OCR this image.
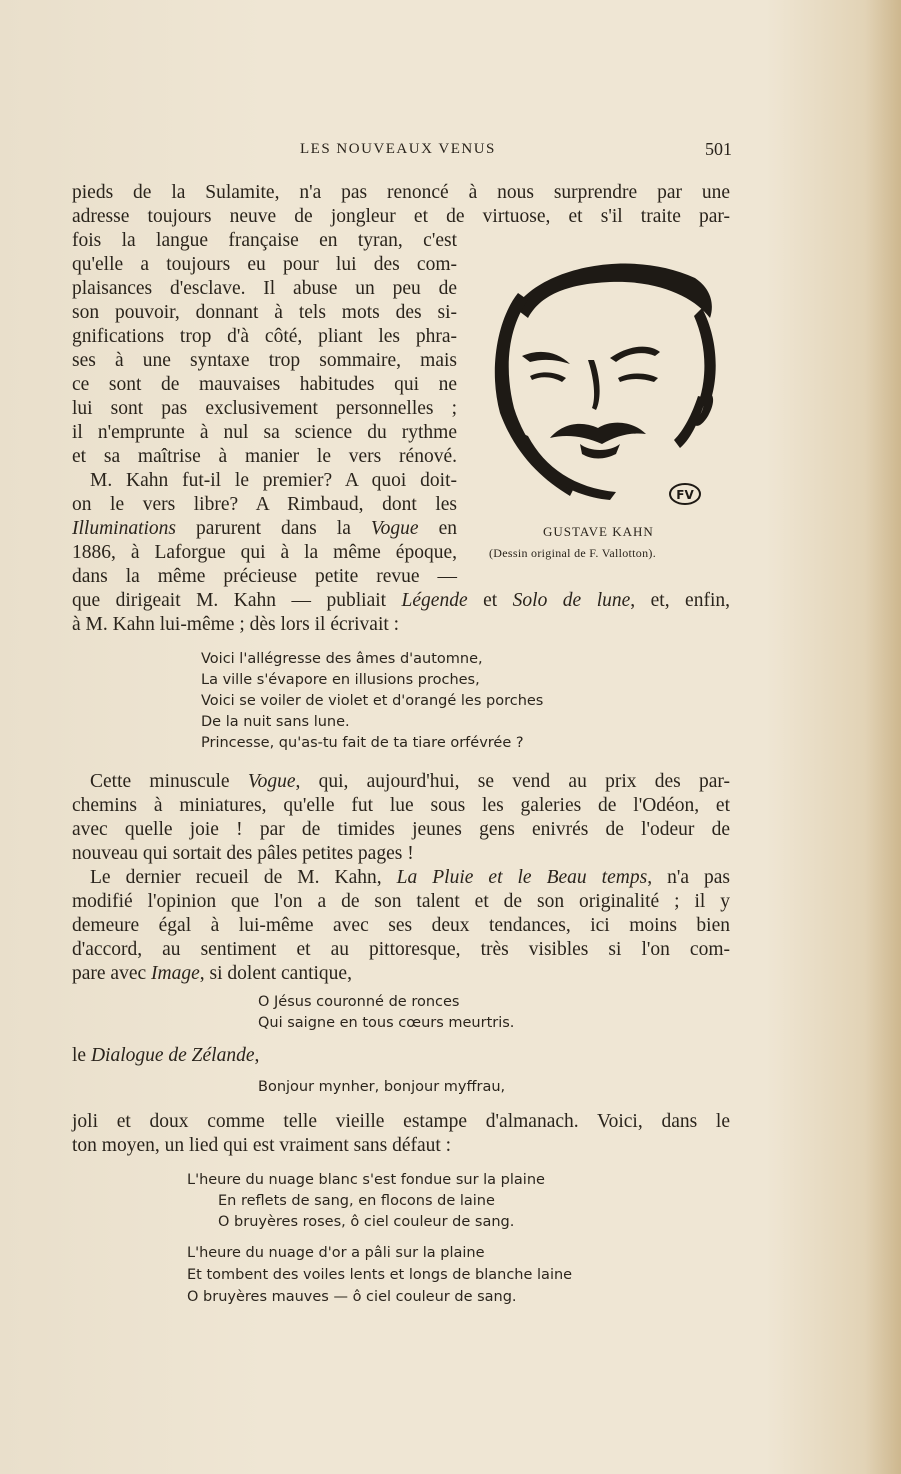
LES NOUVEAUX VENUS	501
pieds de la Sulamite, n'a pas renoncé à nous surprendre par une
adresse toujours neuve de jongleur et de virtuose, et s'il traite par-
fois la langue française en tyran, c'est
qu'elle a toujours eu pour lui des com-
plaisances d'esclave. Il abuse un peu de
son pouvoir, donnant à tels mots des si-
gnifications trop d'à côté, pliant les phra-
ses à une syntaxe trop sommaire, mais
ce sont de mauvaises habitudes qui ne
lui sont pas exclusivement personnelles ;
il n'emprunte à nul sa science du rythme
et sa maîtrise à manier le vers rénové.
M. Kahn fut-il le premier? A quoi doit-
on le vers libre? A Rimbaud, dont les
Illuminations parurent dans la Vogue en
1886, à Laforgue qui à la même époque,
dans la même précieuse petite revue —
que dirigeait M. Kahn — publiait Légende et Solo de lune, et, enfin,
à M. Kahn lui-même ; dès lors il écrivait :
FV
GUSTAVE KAHN
(Dessin original de F. Vallotton).
Voici l'allégresse des âmes d'automne,
La ville s'évapore en illusions proches,
Voici se voiler de violet et d'orangé les porches
De la nuit sans lune.
Princesse, qu'as-tu fait de ta tiare orfévrée ?
Cette minuscule Vogue, qui, aujourd'hui, se vend au prix des par-
chemins à miniatures, qu'elle fut lue sous les galeries de l'Odéon, et
avec quelle joie ! par de timides jeunes gens enivrés de l'odeur de
nouveau qui sortait des pâles petites pages !
Le dernier recueil de M. Kahn, La Pluie et le Beau temps, n'a pas
modifié l'opinion que l'on a de son talent et de son originalité ; il y
demeure égal à lui-même avec ses deux tendances, ici moins bien
d'accord, au sentiment et au pittoresque, très visibles si l'on com-
pare avec Image, si dolent cantique,
O Jésus couronné de ronces
Qui saigne en tous cœurs meurtris.
le Dialogue de Zélande,
Bonjour mynher, bonjour myffrau,
joli et doux comme telle vieille estampe d'almanach. Voici, dans le
ton moyen, un lied qui est vraiment sans défaut :
L'heure du nuage blanc s'est fondue sur la plaine
En reflets de sang, en flocons de laine
O bruyères roses, ô ciel couleur de sang.
L'heure du nuage d'or a pâli sur la plaine
Et tombent des voiles lents et longs de blanche laine
O bruyères mauves — ô ciel couleur de sang.
